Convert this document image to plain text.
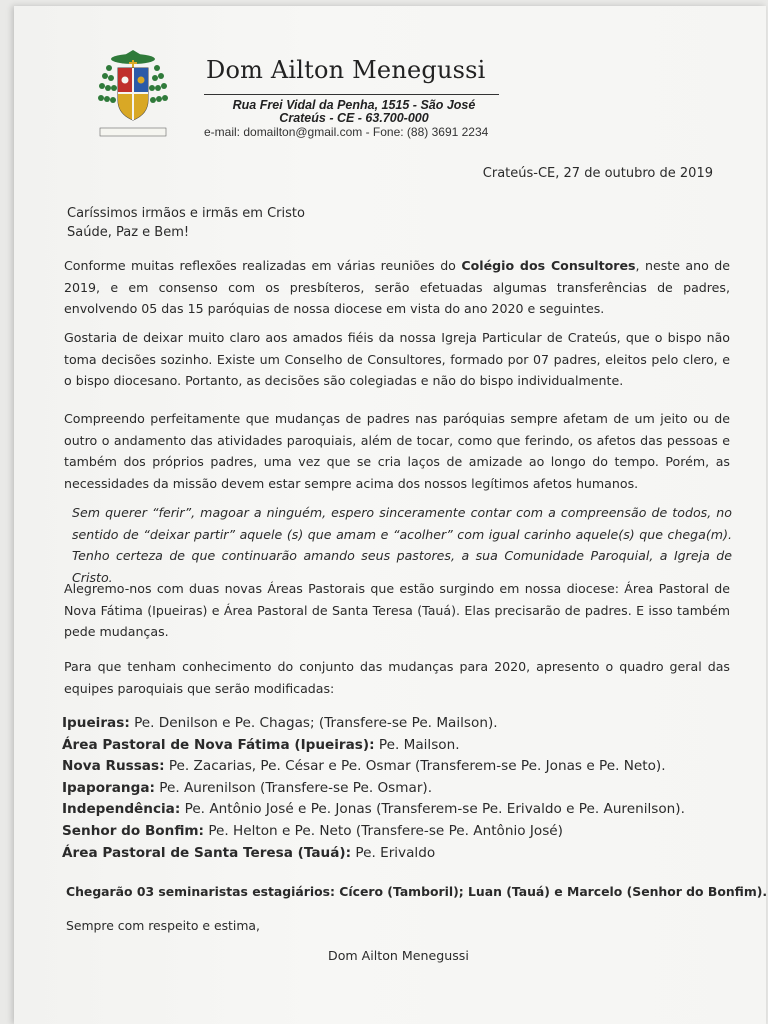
Dom Ailton Menegussi
Rua Frei Vidal da Penha, 1515 - São José
Crateús - CE - 63.700-000
e-mail: domailton@gmail.com - Fone: (88) 3691 2234
Crateús-CE, 27 de outubro de 2019
Caríssimos irmãos e irmãs em Cristo
Saúde, Paz e Bem!
Conforme muitas reflexões realizadas em várias reuniões do Colégio dos Consultores, neste ano de 2019, e em consenso com os presbíteros, serão efetuadas algumas transferências de padres, envolvendo 05 das 15 paróquias de nossa diocese em vista do ano 2020 e seguintes.
Gostaria de deixar muito claro aos amados fiéis da nossa Igreja Particular de Crateús, que o bispo não toma decisões sozinho. Existe um Conselho de Consultores, formado por 07 padres, eleitos pelo clero, e o bispo diocesano. Portanto, as decisões são colegiadas e não do bispo individualmente.
Compreendo perfeitamente que mudanças de padres nas paróquias sempre afetam de um jeito ou de outro o andamento das atividades paroquiais, além de tocar, como que ferindo, os afetos das pessoas e também dos próprios padres, uma vez que se cria laços de amizade ao longo do tempo. Porém, as necessidades da missão devem estar sempre acima dos nossos legítimos afetos humanos.
Sem querer “ferir”, magoar a ninguém, espero sinceramente contar com a compreensão de todos, no sentido de “deixar partir” aquele (s) que amam e “acolher” com igual carinho aquele(s) que chega(m). Tenho certeza de que continuarão amando seus pastores, a sua Comunidade Paroquial, a Igreja de Cristo.
Alegremo-nos com duas novas Áreas Pastorais que estão surgindo em nossa diocese: Área Pastoral de Nova Fátima (Ipueiras) e Área Pastoral de Santa Teresa (Tauá). Elas precisarão de padres. E isso também pede mudanças.
Para que tenham conhecimento do conjunto das mudanças para 2020, apresento o quadro geral das equipes paroquiais que serão modificadas:
Ipueiras: Pe. Denilson e Pe. Chagas; (Transfere-se Pe. Mailson).
Área Pastoral de Nova Fátima (Ipueiras): Pe. Mailson.
Nova Russas: Pe. Zacarias, Pe. César e Pe. Osmar (Transferem-se Pe. Jonas e Pe. Neto).
Ipaporanga: Pe. Aurenilson (Transfere-se Pe. Osmar).
Independência: Pe. Antônio José e Pe. Jonas (Transferem-se Pe. Erivaldo e Pe. Aurenilson).
Senhor do Bonfim: Pe. Helton e Pe. Neto (Transfere-se Pe. Antônio José)
Área Pastoral de Santa Teresa (Tauá): Pe. Erivaldo
Chegarão 03 seminaristas estagiários: Cícero (Tamboril); Luan (Tauá) e Marcelo (Senhor do Bonfim).
Sempre com respeito e estima,
Dom Ailton Menegussi
